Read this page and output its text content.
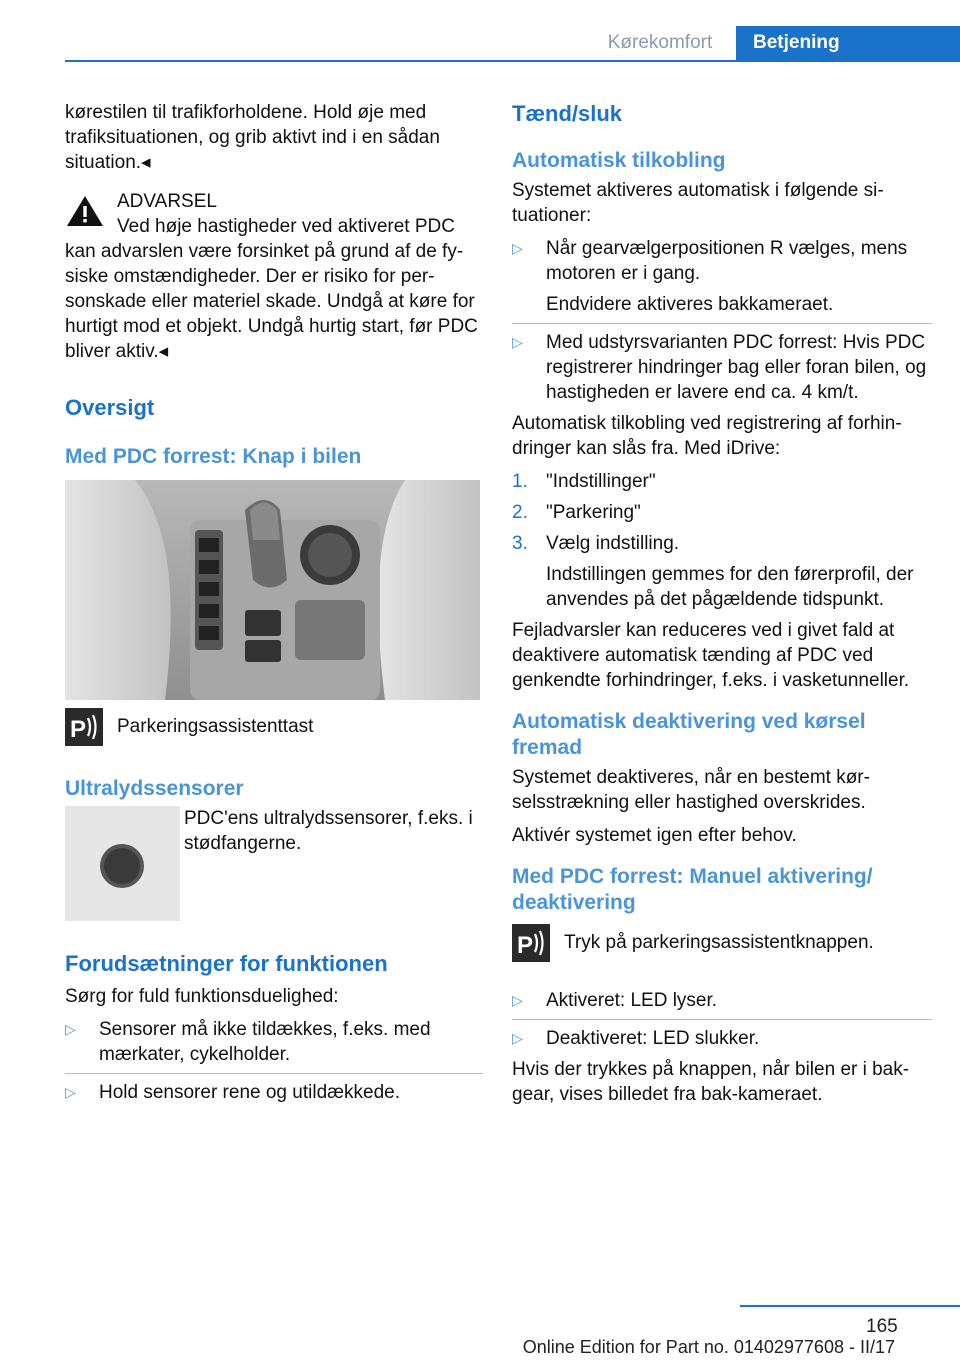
Kørekomfort	Betjening

kørestilen til trafikforholdene. Hold øje med trafiksituationen, og grib aktivt ind i en sådan situation.◂

ADVARSEL

Ved høje hastigheder ved aktiveret PDC kan advarslen være forsinket på grund af de fysiske omstændigheder. Der er risiko for personskade eller materiel skade. Undgå at køre for hurtigt mod et objekt. Undgå hurtig start, før PDC bliver aktiv.◂

Oversigt
Med PDC forrest: Knap i bilen
P Parkeringsassistenttast
Ultralydssensorer
PDC'ens ultralydssensorer, f.eks. i stødfangerne.
Forudsætninger for funktionen

Sørg for fuld funktionsduelighed:

▷ Sensorer må ikke tildækkes, f.eks. med mærkater, cykelholder.
▷ Hold sensorer rene og utildækkede.
Tænd/sluk
Automatisk tilkobling

Systemet aktiveres automatisk i følgende situationer:

▷ Når gearvælgerpositionen R vælges, mens motoren er i gang.
Endvidere aktiveres bakkameraet.
▷ Med udstyrsvarianten PDC forrest: Hvis PDC registrerer hindringer bag eller foran bilen, og hastigheden er lavere end ca. 4 km/t.

Automatisk tilkobling ved registrering af forhindringer kan slås fra. Med iDrive:

1. "Indstillinger"
2. "Parkering"
3. Vælg indstilling.
Indstillingen gemmes for den førerprofil, der anvendes på det pågældende tidspunkt.

Fejladvarsler kan reduceres ved i givet fald at deaktivere automatisk tænding af PDC ved genkendte forhindringer, f.eks. i vasketunneller.

Automatisk deaktivering ved kørsel fremad

Systemet deaktiveres, når en bestemt kørselsstrækning eller hastighed overskrides.

Aktivér systemet igen efter behov.

Med PDC forrest: Manuel aktivering/ deaktivering
P Tryk på parkeringsassistentknappen.
▷ Aktiveret: LED lyser.
▷ Deaktiveret: LED slukker.

Hvis der trykkes på knappen, når bilen er i bakgear, vises billedet fra bak-kameraet.

165
Online Edition for Part no. 01402977608 - II/17
